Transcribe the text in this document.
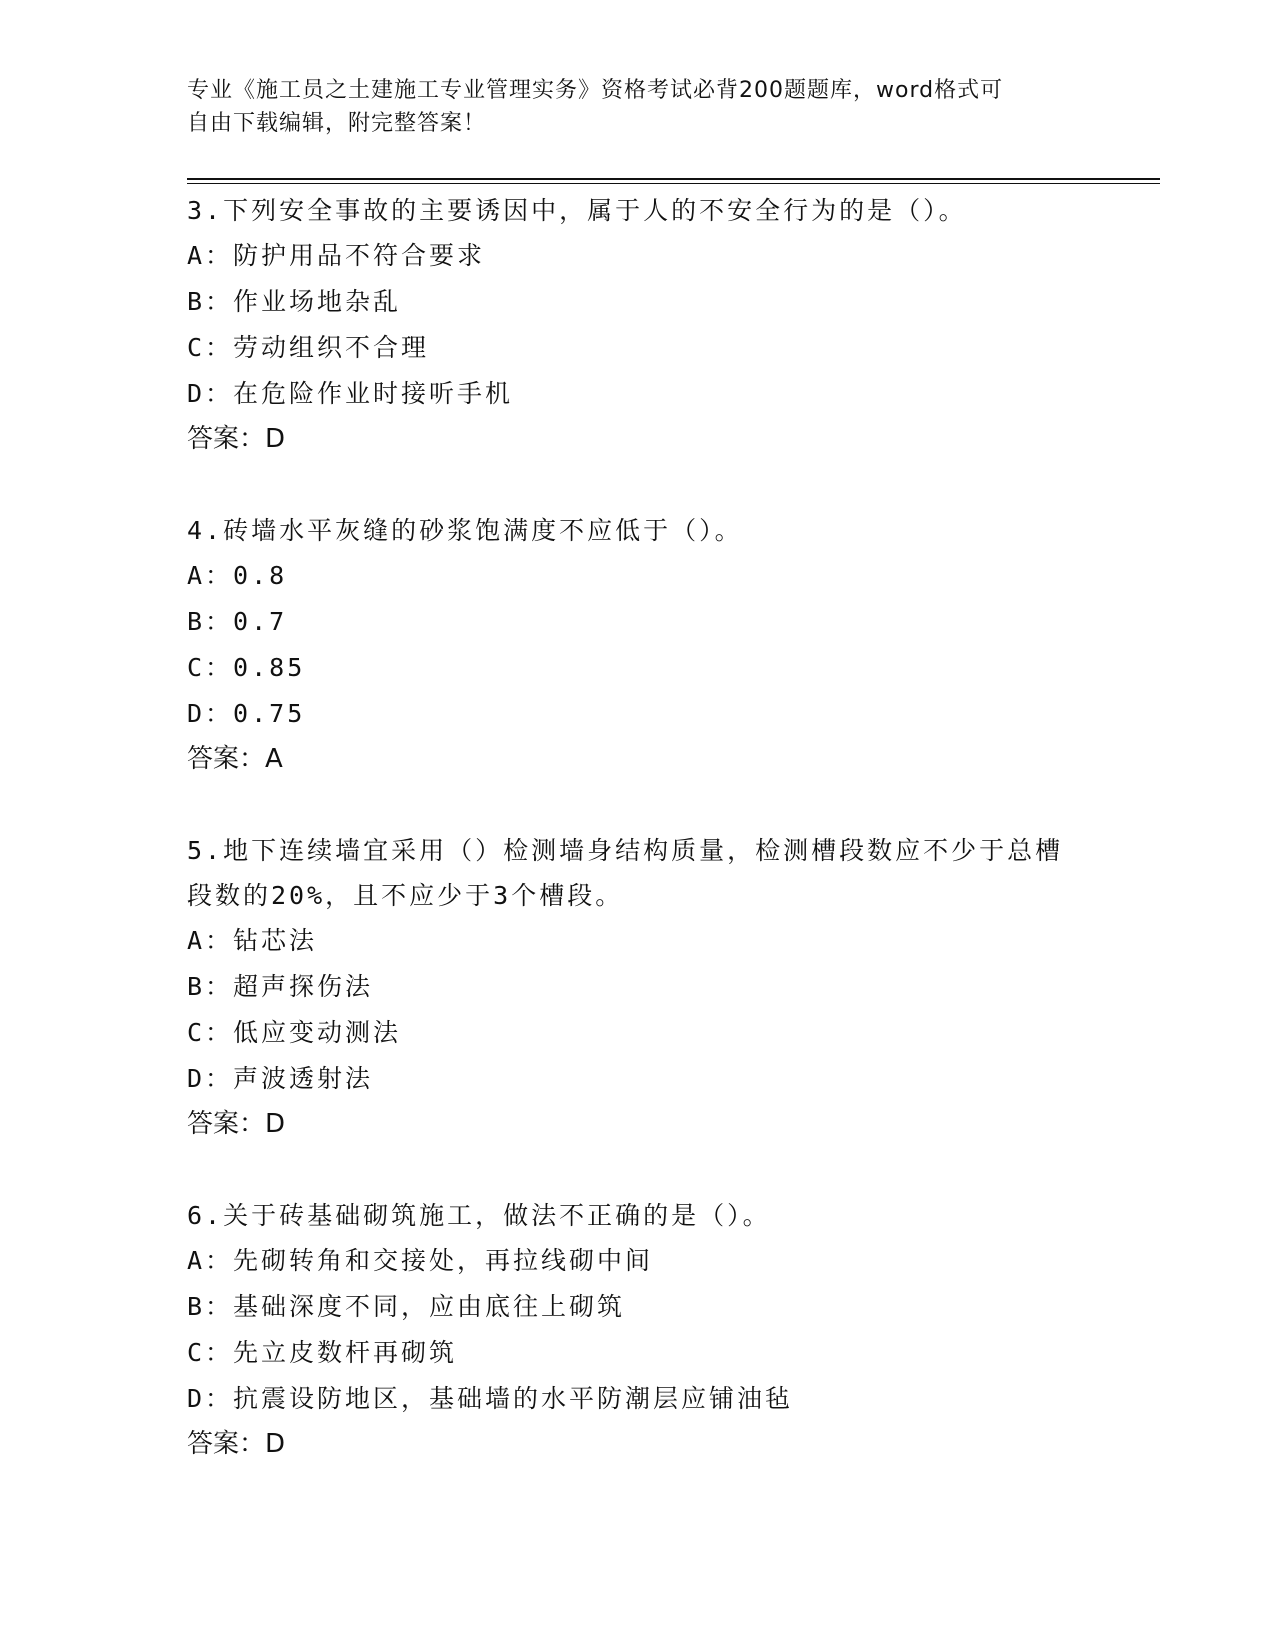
专业《施工员之土建施工专业管理实务》资格考试必背200题题库，word格式可
自由下载编辑，附完整答案！

3.下列安全事故的主要诱因中，属于人的不安全行为的是（）。

A：防护用品不符合要求

B：作业场地杂乱

C：劳动组织不合理

D：在危险作业时接听手机

答案：D

4.砖墙水平灰缝的砂浆饱满度不应低于（）。

A：0.8

B：0.7

C：0.85

D：0.75

答案：A

5.地下连续墙宜采用（）检测墙身结构质量，检测槽段数应不少于总槽段数的20%，且不应少于3个槽段。

A：钻芯法

B：超声探伤法

C：低应变动测法

D：声波透射法

答案：D

6.关于砖基础砌筑施工，做法不正确的是（）。

A：先砌转角和交接处，再拉线砌中间

B：基础深度不同，应由底往上砌筑

C：先立皮数杆再砌筑

D：抗震设防地区，基础墙的水平防潮层应铺油毡

答案：D
